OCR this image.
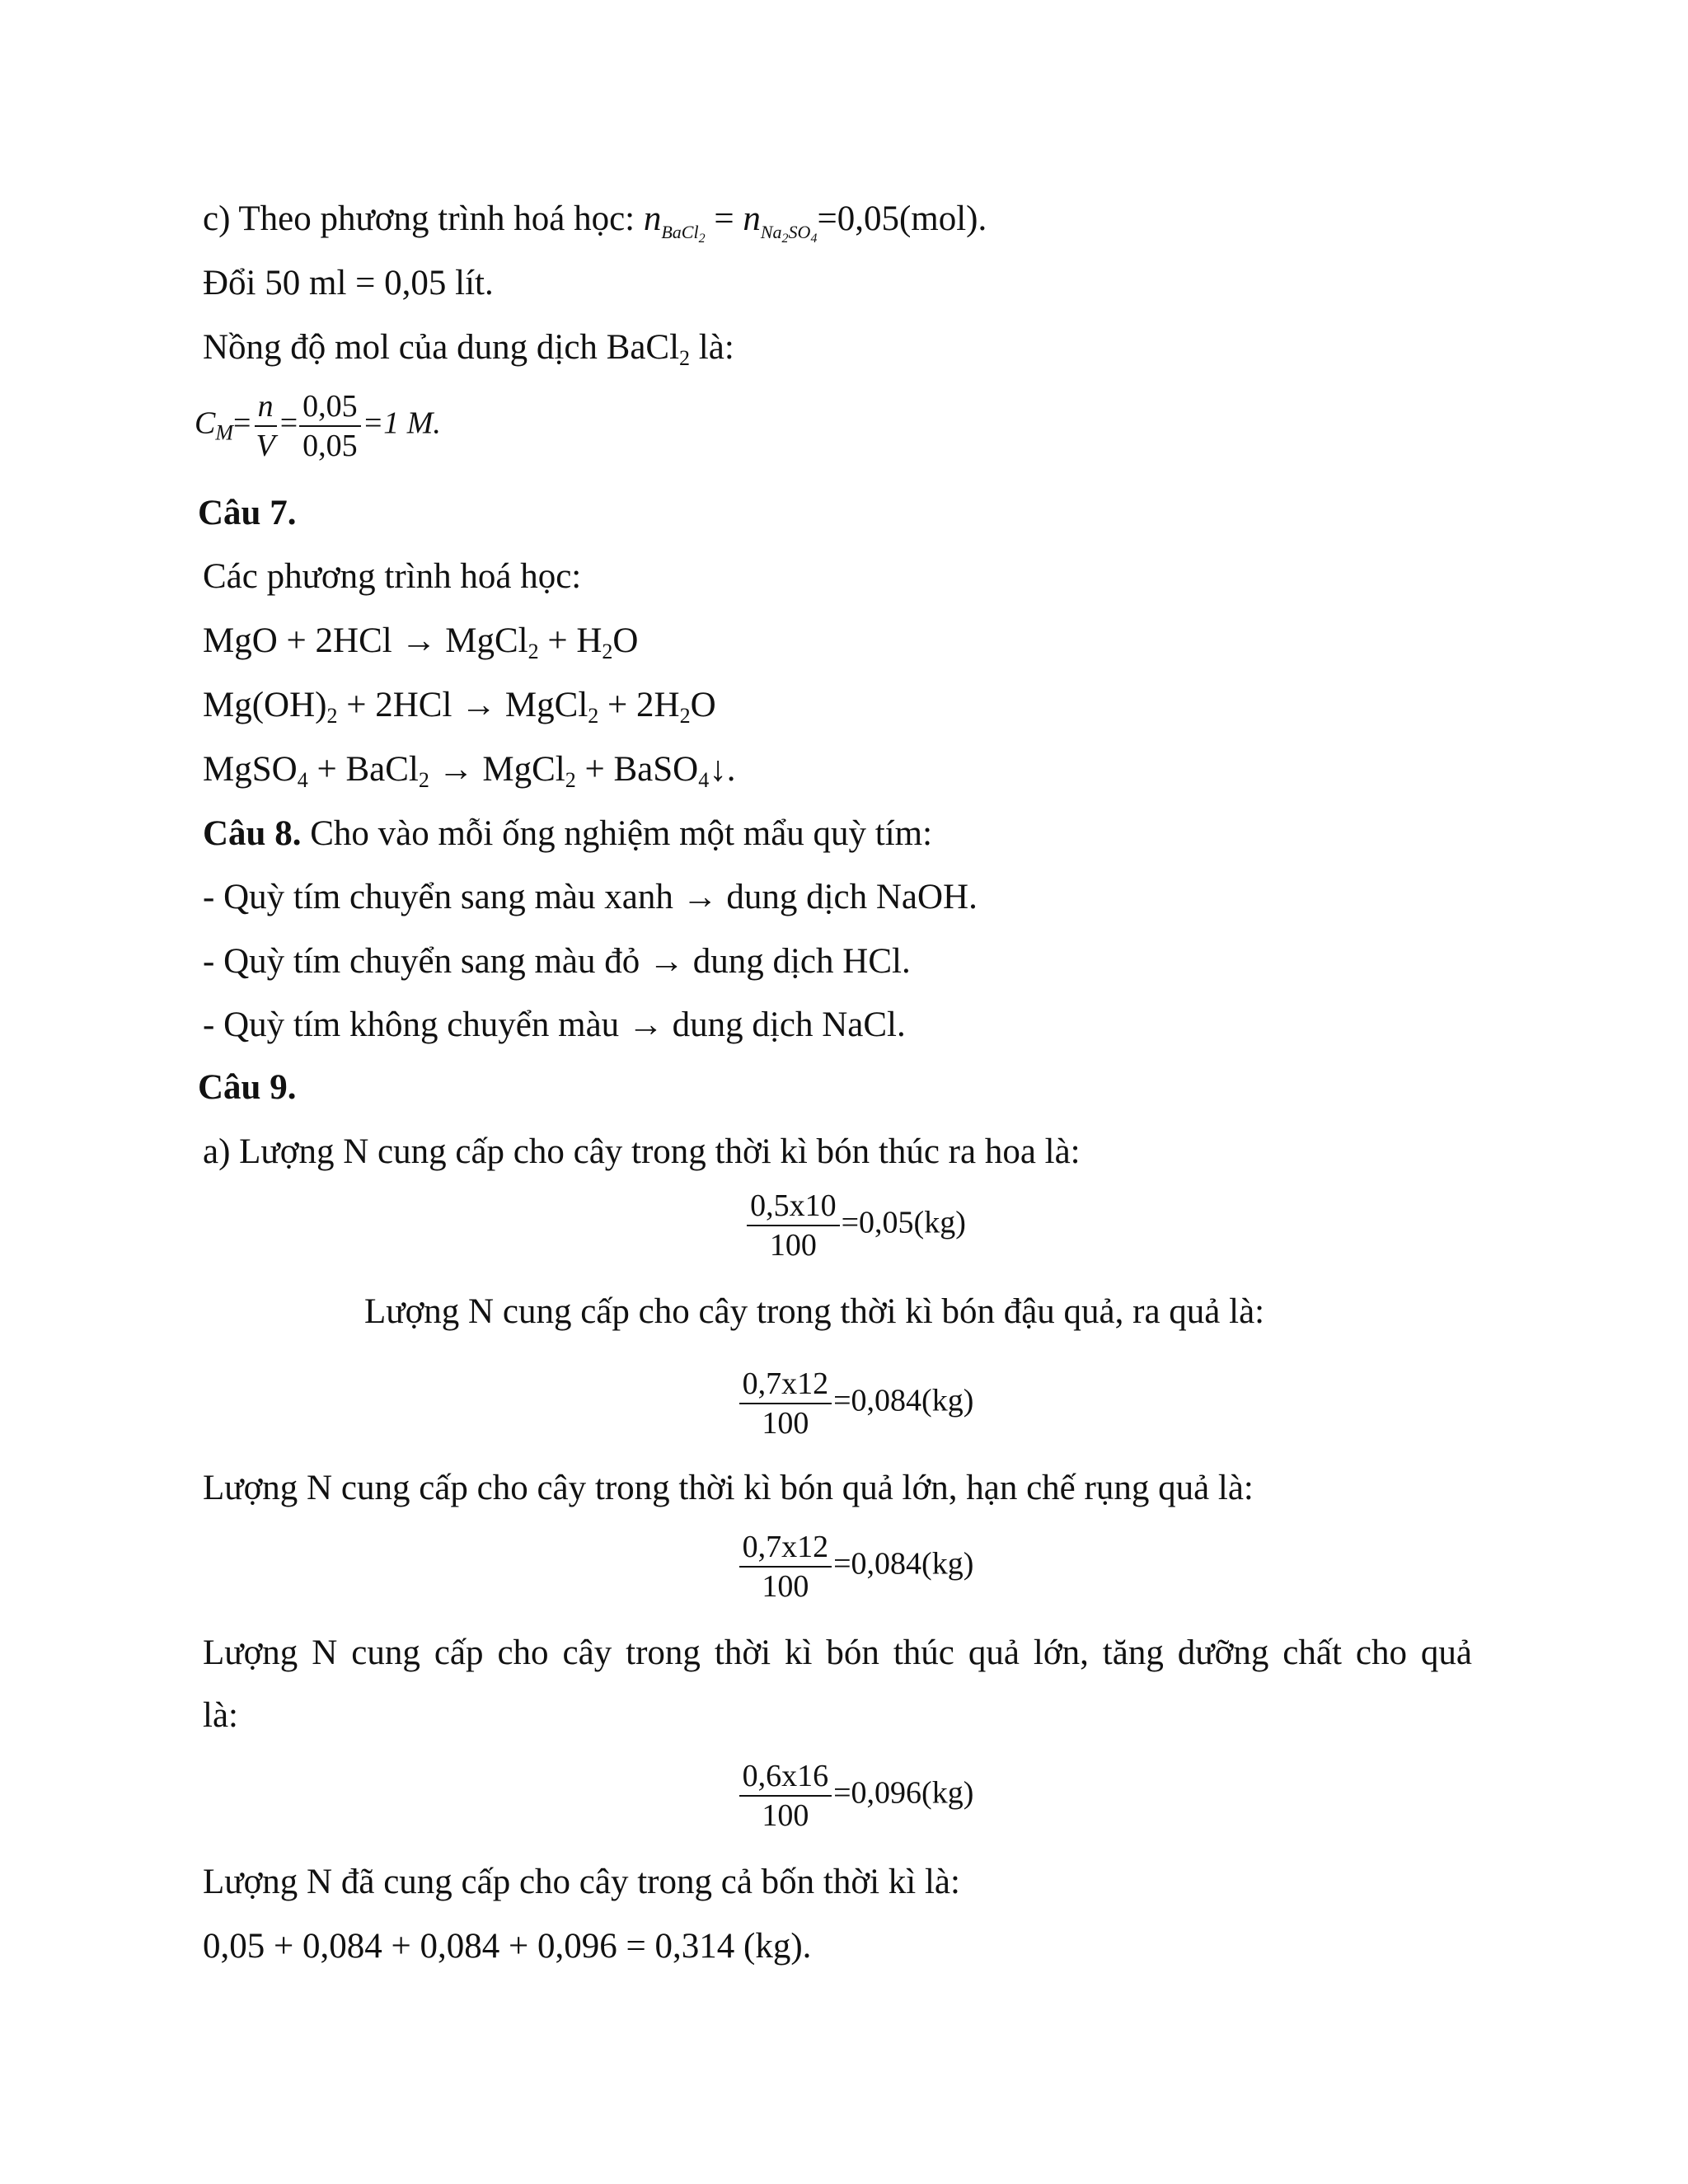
c) Theo phương trình hoá học: $n_{BaCl_2} = n_{Na_2SO_4}=0,05(mol)$.
Đổi 50 ml = 0,05 lít.
Nồng độ mol của dung dịch BaCl$_2$ là:
$C_M= \frac{n}{V} = \frac{0,05}{0,05} =1$ M.
Câu 7.
Các phương trình hoá học:
MgO + 2HCl → MgCl$_2$ + $H_2O$
$Mg(OH)_2 + 2HCl$ → MgCl$_2$ + $2H_2O$
MgSO$_4$ + BaCl$_2$ → MgCl$_2$ + BaSO$_4$↓.
Câu 8. Cho vào mỗi ống nghiệm một mẩu quỳ tím:
- Quỳ tím chuyển sang màu xanh → dung dịch NaOH.
- Quỳ tím chuyển sang màu đỏ → dung dịch HCl.
- Quỳ tím không chuyển màu → dung dịch NaCl.
Câu 9.
a) Lượng N cung cấp cho cây trong thời kì bón thúc ra hoa là:
$\frac{0,5x10}{100} =0,05(kg)$
Lượng N cung cấp cho cây trong thời kì bón đậu quả, ra quả là:
$\frac{0,7x12}{100} =0,084(kg)$
Lượng N cung cấp cho cây trong thời kì bón quả lớn, hạn chế rụng quả là:
$\frac{0,7x12}{100} =0,084(kg)$
Lượng N cung cấp cho cây trong thời kì bón thúc quả lớn, tăng dưỡng chất cho quả
là:
$\frac{0,6x16}{100} =0,096(kg)$
Lượng N đã cung cấp cho cây trong cả bốn thời kì là:
0,05 + 0,084 + 0,084 + 0,096 = 0,314 (kg).
